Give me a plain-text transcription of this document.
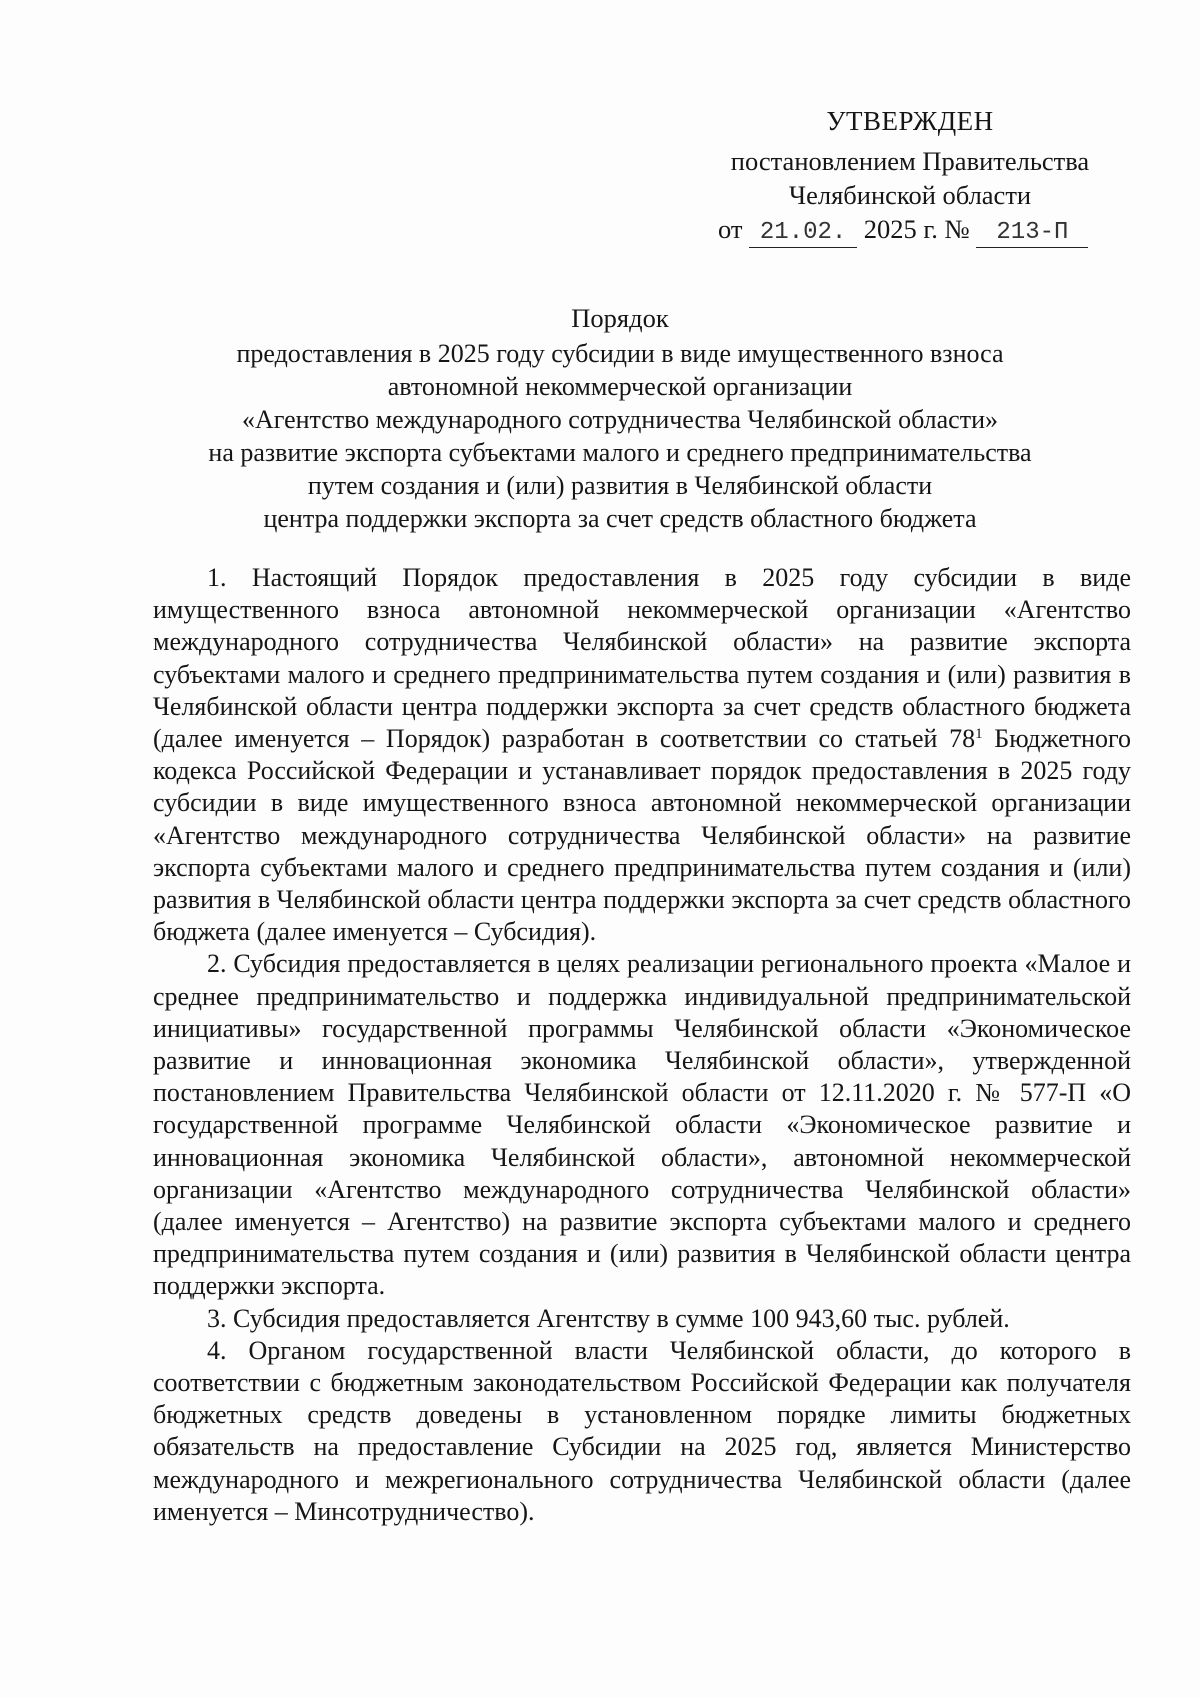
УТВЕРЖДЕН
постановлением Правительства
Челябинской области
от 21.02. 2025 г. № 213-П
Порядок
предоставления в 2025 году субсидии в виде имущественного взноса
автономной некоммерческой организации
«Агентство международного сотрудничества Челябинской области»
на развитие экспорта субъектами малого и среднего предпринимательства
путем создания и (или) развития в Челябинской области
центра поддержки экспорта за счет средств областного бюджета

1. Настоящий Порядок предоставления в 2025 году субсидии в виде имущественного взноса автономной некоммерческой организации «Агентство международного сотрудничества Челябинской области» на развитие экспорта субъектами малого и среднего предпринимательства путем создания и (или) развития в Челябинской области центра поддержки экспорта за счет средств областного бюджета (далее именуется – Порядок) разработан в соответствии со статьей $78^1$ Бюджетного кодекса Российской Федерации и устанавливает порядок предоставления в 2025 году субсидии в виде имущественного взноса автономной некоммерческой организации «Агентство международного сотрудничества Челябинской области» на развитие экспорта субъектами малого и среднего предпринимательства путем создания и (или) развития в Челябинской области центра поддержки экспорта за счет средств областного бюджета (далее именуется – Субсидия).

2. Субсидия предоставляется в целях реализации регионального проекта «Малое и среднее предпринимательство и поддержка индивидуальной предпринимательской инициативы» государственной программы Челябинской области «Экономическое развитие и инновационная экономика Челябинской области», утвержденной постановлением Правительства Челябинской области от 12.11.2020 г. № 577-П «О государственной программе Челябинской области «Экономическое развитие и инновационная экономика Челябинской области», автономной некоммерческой организации «Агентство международного сотрудничества Челябинской области» (далее именуется – Агентство) на развитие экспорта субъектами малого и среднего предпринимательства путем создания и (или) развития в Челябинской области центра поддержки экспорта.

3. Субсидия предоставляется Агентству в сумме 100 943,60 тыс. рублей.

4. Органом государственной власти Челябинской области, до которого в соответствии с бюджетным законодательством Российской Федерации как получателя бюджетных средств доведены в установленном порядке лимиты бюджетных обязательств на предоставление Субсидии на 2025 год, является Министерство международного и межрегионального сотрудничества Челябинской области (далее именуется – Минсотрудничество).
